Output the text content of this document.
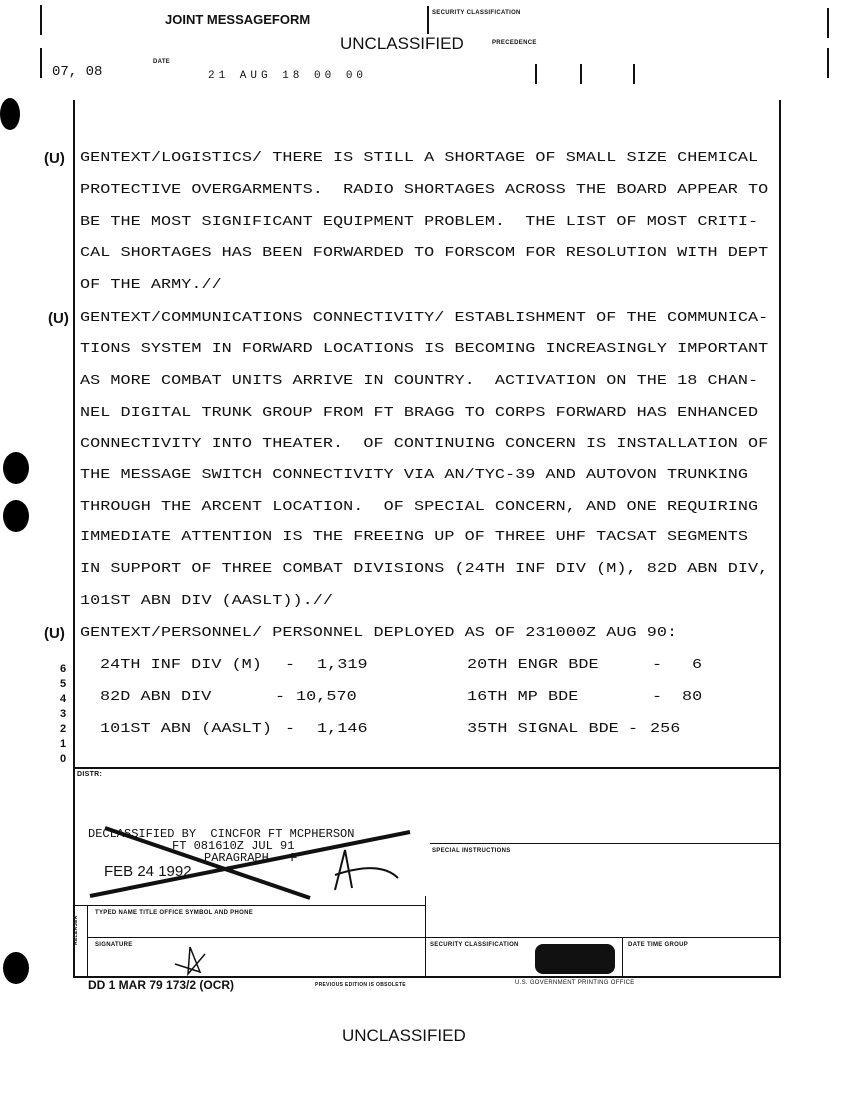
JOINT MESSAGEFORM	SECURITY CLASSIFICATION
UNCLASSIFIED	PRECEDENCE
DATE
07, 08	21 AUG 18 00 00
(U) GENTEXT/LOGISTICS/ THERE IS STILL A SHORTAGE OF SMALL SIZE CHEMICAL
PROTECTIVE OVERGARMENTS.  RADIO SHORTAGES ACROSS THE BOARD APPEAR TO
BE THE MOST SIGNIFICANT EQUIPMENT PROBLEM.  THE LIST OF MOST CRITI-
CAL SHORTAGES HAS BEEN FORWARDED TO FORSCOM FOR RESOLUTION WITH DEPT
OF THE ARMY.//
(U) GENTEXT/COMMUNICATIONS CONNECTIVITY/ ESTABLISHMENT OF THE COMMUNICA-
TIONS SYSTEM IN FORWARD LOCATIONS IS BECOMING INCREASINGLY IMPORTANT
AS MORE COMBAT UNITS ARRIVE IN COUNTRY.  ACTIVATION ON THE 18 CHAN-
NEL DIGITAL TRUNK GROUP FROM FT BRAGG TO CORPS FORWARD HAS ENHANCED
CONNECTIVITY INTO THEATER.  OF CONTINUING CONCERN IS INSTALLATION OF
THE MESSAGE SWITCH CONNECTIVITY VIA AN/TYC-39 AND AUTOVON TRUNKING
THROUGH THE ARCENT LOCATION.  OF SPECIAL CONCERN, AND ONE REQUIRING
IMMEDIATE ATTENTION IS THE FREEING UP OF THREE UHF TACSAT SEGMENTS
IN SUPPORT OF THREE COMBAT DIVISIONS (24TH INF DIV (M), 82D ABN DIV,
101ST ABN DIV (AASLT)).//
(U) GENTEXT/PERSONNEL/ PERSONNEL DEPLOYED AS OF 231000Z AUG 90:
24TH INF DIV (M) - 1,319	20TH ENGR BDE	- 6
82D ABN DIV	- 10,570	16TH MP BDE	- 80
101ST ABN (AASLT) - 1,146	35TH SIGNAL BDE - 256
6
5
4
3
2
1
0
DISTR:
DECLASSIFIED BY  CINCFOR FT MCPHERSON
FT 081610Z JUL 91
PARAGRAPH - F
FEB 24 1992
SPECIAL INSTRUCTIONS
TYPED NAME TITLE OFFICE SYMBOL AND PHONE
RELEASER	SIGNATURE	SECURITY CLASSIFICATION	DATE TIME GROUP
DD 1 MAR 79 173/2 (OCR)	PREVIOUS EDITION IS OBSOLETE	U.S. GOVERNMENT PRINTING OFFICE
UNCLASSIFIED
